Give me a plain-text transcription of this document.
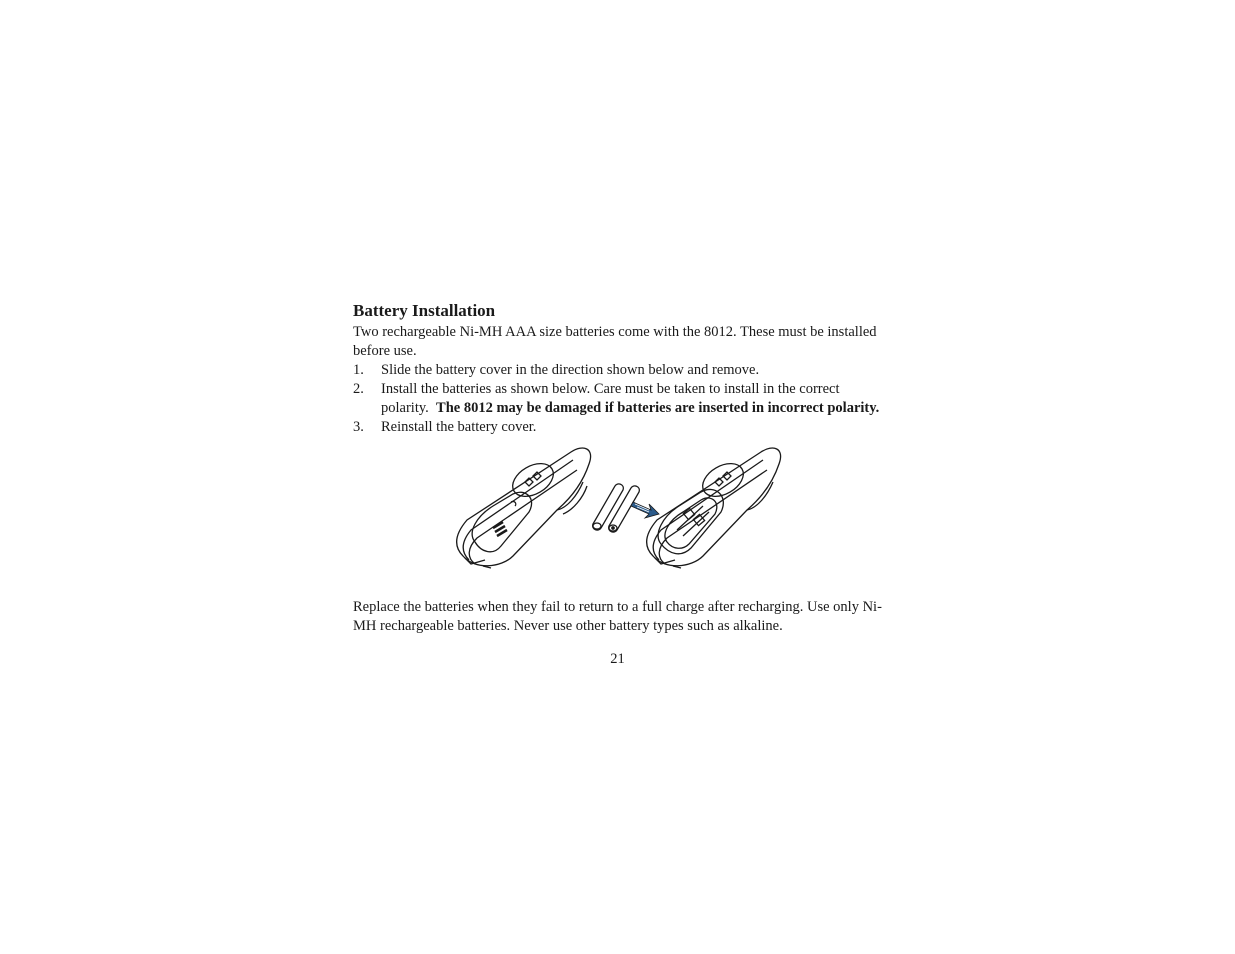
Battery Installation

Two rechargeable Ni-MH AAA size batteries come with the 8012. These must be installed before use.

1.	Slide the battery cover in the direction shown below and remove.
2.	Install the batteries as shown below. Care must be taken to install in the correct polarity. The 8012 may be damaged if batteries are inserted in incorrect polarity.
3.	Reinstall the battery cover.

Replace the batteries when they fail to return to a full charge after recharging. Use only Ni-MH rechargeable batteries. Never use other battery types such as alkaline.

21
